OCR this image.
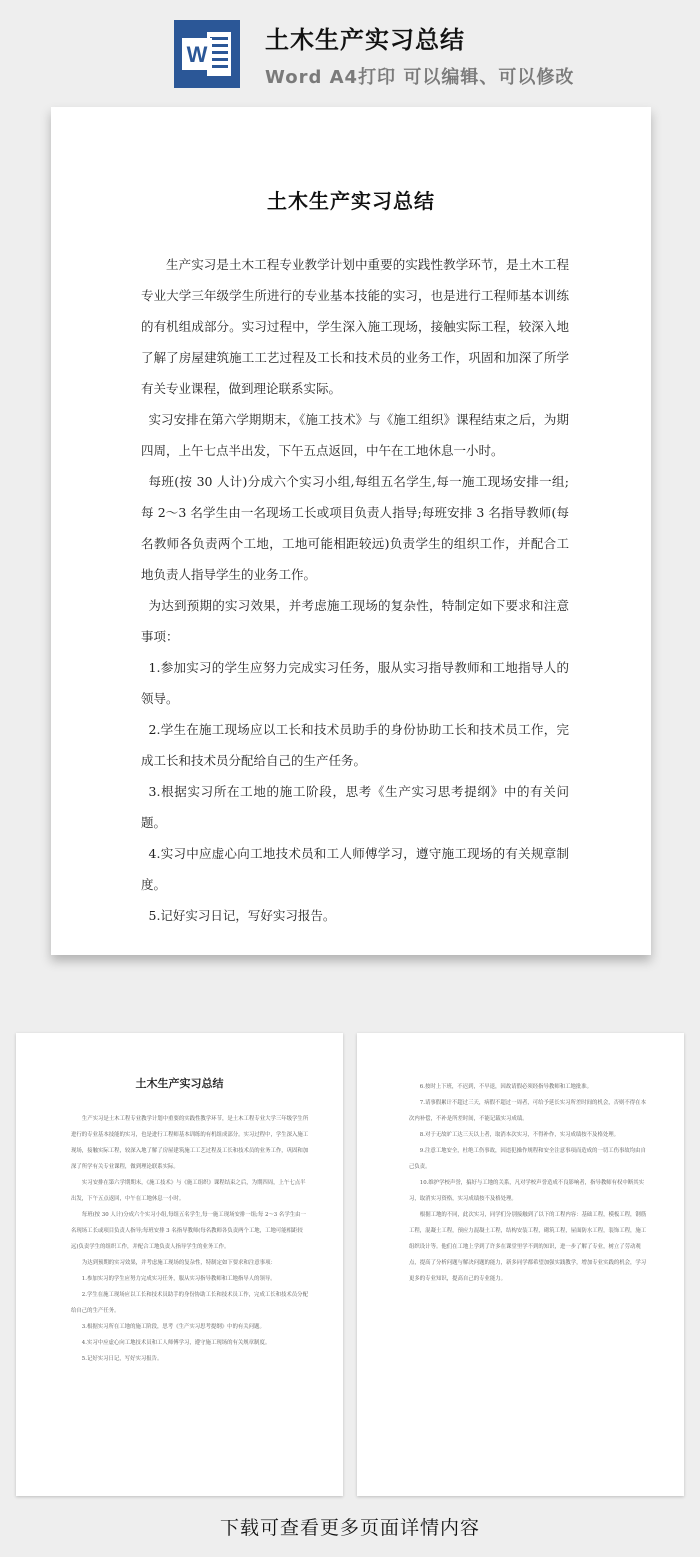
W
土木生产实习总结
Word A4打印 可以编辑、可以修改
土木生产实习总结

生产实习是土木工程专业教学计划中重要的实践性教学环节，是土木工程专业大学三年级学生所进行的专业基本技能的实习，也是进行工程师基本训练的有机组成部分。实习过程中，学生深入施工现场，接触实际工程，较深入地了解了房屋建筑施工工艺过程及工长和技术员的业务工作，巩固和加深了所学有关专业课程，做到理论联系实际。

实习安排在第六学期期末，《施工技术》与《施工组织》课程结束之后，为期四周，上午七点半出发，下午五点返回，中午在工地休息一小时。

每班(按 30 人计)分成六个实习小组,每组五名学生,每一施工现场安排一组;每 2～3 名学生由一名现场工长或项目负责人指导;每班安排 3 名指导教师(每名教师各负责两个工地，工地可能相距较远)负责学生的组织工作，并配合工地负责人指导学生的业务工作。

为达到预期的实习效果，并考虑施工现场的复杂性，特制定如下要求和注意事项：

1.参加实习的学生应努力完成实习任务，服从实习指导教师和工地指导人的领导。

2.学生在施工现场应以工长和技术员助手的身份协助工长和技术员工作，完成工长和技术员分配给自己的生产任务。

3.根据实习所在工地的施工阶段，思考《生产实习思考提纲》中的有关问题。

4.实习中应虚心向工地技术员和工人师傅学习，遵守施工现场的有关规章制度。

5.记好实习日记，写好实习报告。

土木生产实习总结

生产实习是土木工程专业教学计划中重要的实践性教学环节，是土木工程专业大学三年级学生所进行的专业基本技能的实习，也是进行工程师基本训练的有机组成部分。实习过程中，学生深入施工现场，接触实际工程，较深入地了解了房屋建筑施工工艺过程及工长和技术员的业务工作，巩固和加深了所学有关专业课程，做到理论联系实际。

实习安排在第六学期期末，《施工技术》与《施工组织》课程结束之后，为期四周，上午七点半出发，下午五点返回，中午在工地休息一小时。

每班(按 30 人计)分成六个实习小组,每组五名学生,每一施工现场安排一组;每 2～3 名学生由一名现场工长或项目负责人指导;每班安排 3 名指导教师(每名教师各负责两个工地，工地可能相距较远)负责学生的组织工作，并配合工地负责人指导学生的业务工作。

为达到预期的实习效果，并考虑施工现场的复杂性，特制定如下要求和注意事项：

1.参加实习的学生应努力完成实习任务，服从实习指导教师和工地指导人的领导。

2.学生在施工现场应以工长和技术员助手的身份协助工长和技术员工作，完成工长和技术员分配给自己的生产任务。

3.根据实习所在工地的施工阶段，思考《生产实习思考提纲》中的有关问题。

4.实习中应虚心向工地技术员和工人师傅学习，遵守施工现场的有关规章制度。

5.记好实习日记，写好实习报告。

6.按时上下班，不迟到，不早退，因故请假必须经指导教师和工地批准。

7.请事假累计不超过三天，病假不超过一周者，可给予延长实习所差时间的机会，否则不得在本次内补偿，不补是所差时间，不能记载实习成绩。

8.对于无故旷工达三天以上者，取消本次实习，不得补作，实习成绩按不及格处理。

9.注意工地安全，杜绝工伤事故，因违犯操作规程和安全注意事项而造成的一切工伤事故均由自己负责。

10.维护学校声誉，搞好与工地的关系，凡对学校声誉造成不良影响者，指导教师有权中断其实习，取消实习资格，实习成绩按不及格处理。

根据工地的不同，此次实习，同学们分别接触到了以下的工程内容：基础工程，模板工程，钢筋工程，混凝土工程，预应力混凝土工程，结构安装工程，砌筑工程，屋面防水工程，装饰工程，施工组织设计等。他们在工地上学到了许多在课堂里学不到的知识，进一步了解了专业，树立了劳动观点，提高了分析问题与解决问题的能力，新多同学都希望加强实践教学，增加专业实践的机会，学习更多的专业知识，提高自己的专业能力。

下载可查看更多页面详情内容
